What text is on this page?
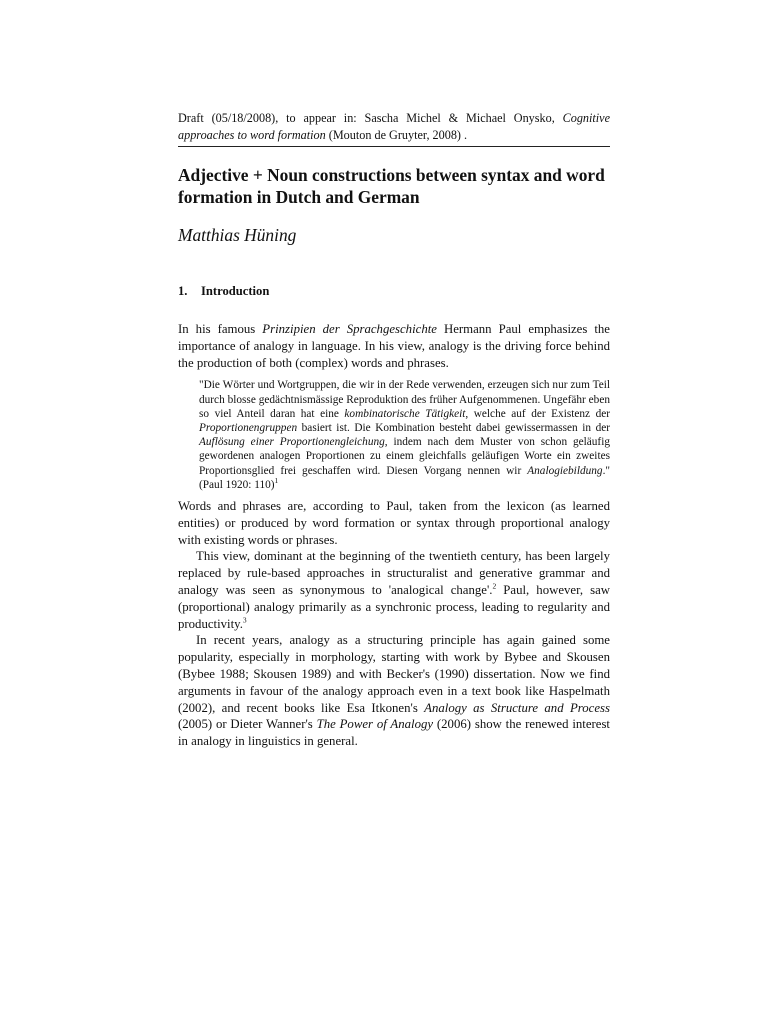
Draft (05/18/2008), to appear in: Sascha Michel & Michael Onysko, Cognitive approaches to word formation (Mouton de Gruyter, 2008) .

Adjective + Noun constructions between syntax and word formation in Dutch and German
Matthias Hüning
1. Introduction

In his famous Prinzipien der Sprachgeschichte Hermann Paul emphasizes the importance of analogy in language. In his view, analogy is the driving force behind the production of both (complex) words and phrases.

"Die Wörter und Wortgruppen, die wir in der Rede verwenden, erzeugen sich nur zum Teil durch blosse gedächtnismässige Reproduktion des früher Aufgenommenen. Ungefähr eben so viel Anteil daran hat eine kombinatorische Tätigkeit, welche auf der Existenz der Proportionengruppen basiert ist. Die Kombination besteht dabei gewissermassen in der Auflösung einer Proportionengleichung, indem nach dem Muster von schon geläufig gewordenen analogen Proportionen zu einem gleichfalls geläufigen Worte ein zweites Proportionsglied frei geschaffen wird. Diesen Vorgang nennen wir Analogiebildung." (Paul 1920: 110)$^1$

Words and phrases are, according to Paul, taken from the lexicon (as learned entities) or produced by word formation or syntax through proportional analogy with existing words or phrases.

This view, dominant at the beginning of the twentieth century, has been largely replaced by rule-based approaches in structuralist and generative grammar and analogy was seen as synonymous to 'analogical change'.$^2$ Paul, however, saw (proportional) analogy primarily as a synchronic process, leading to regularity and productivity.$^3$

In recent years, analogy as a structuring principle has again gained some popularity, especially in morphology, starting with work by Bybee and Skousen (Bybee 1988; Skousen 1989) and with Becker's (1990) dissertation. Now we find arguments in favour of the analogy approach even in a text book like Haspelmath (2002), and recent books like Esa Itkonen's Analogy as Structure and Process (2005) or Dieter Wanner's The Power of Analogy (2006) show the renewed interest in analogy in linguistics in general.
